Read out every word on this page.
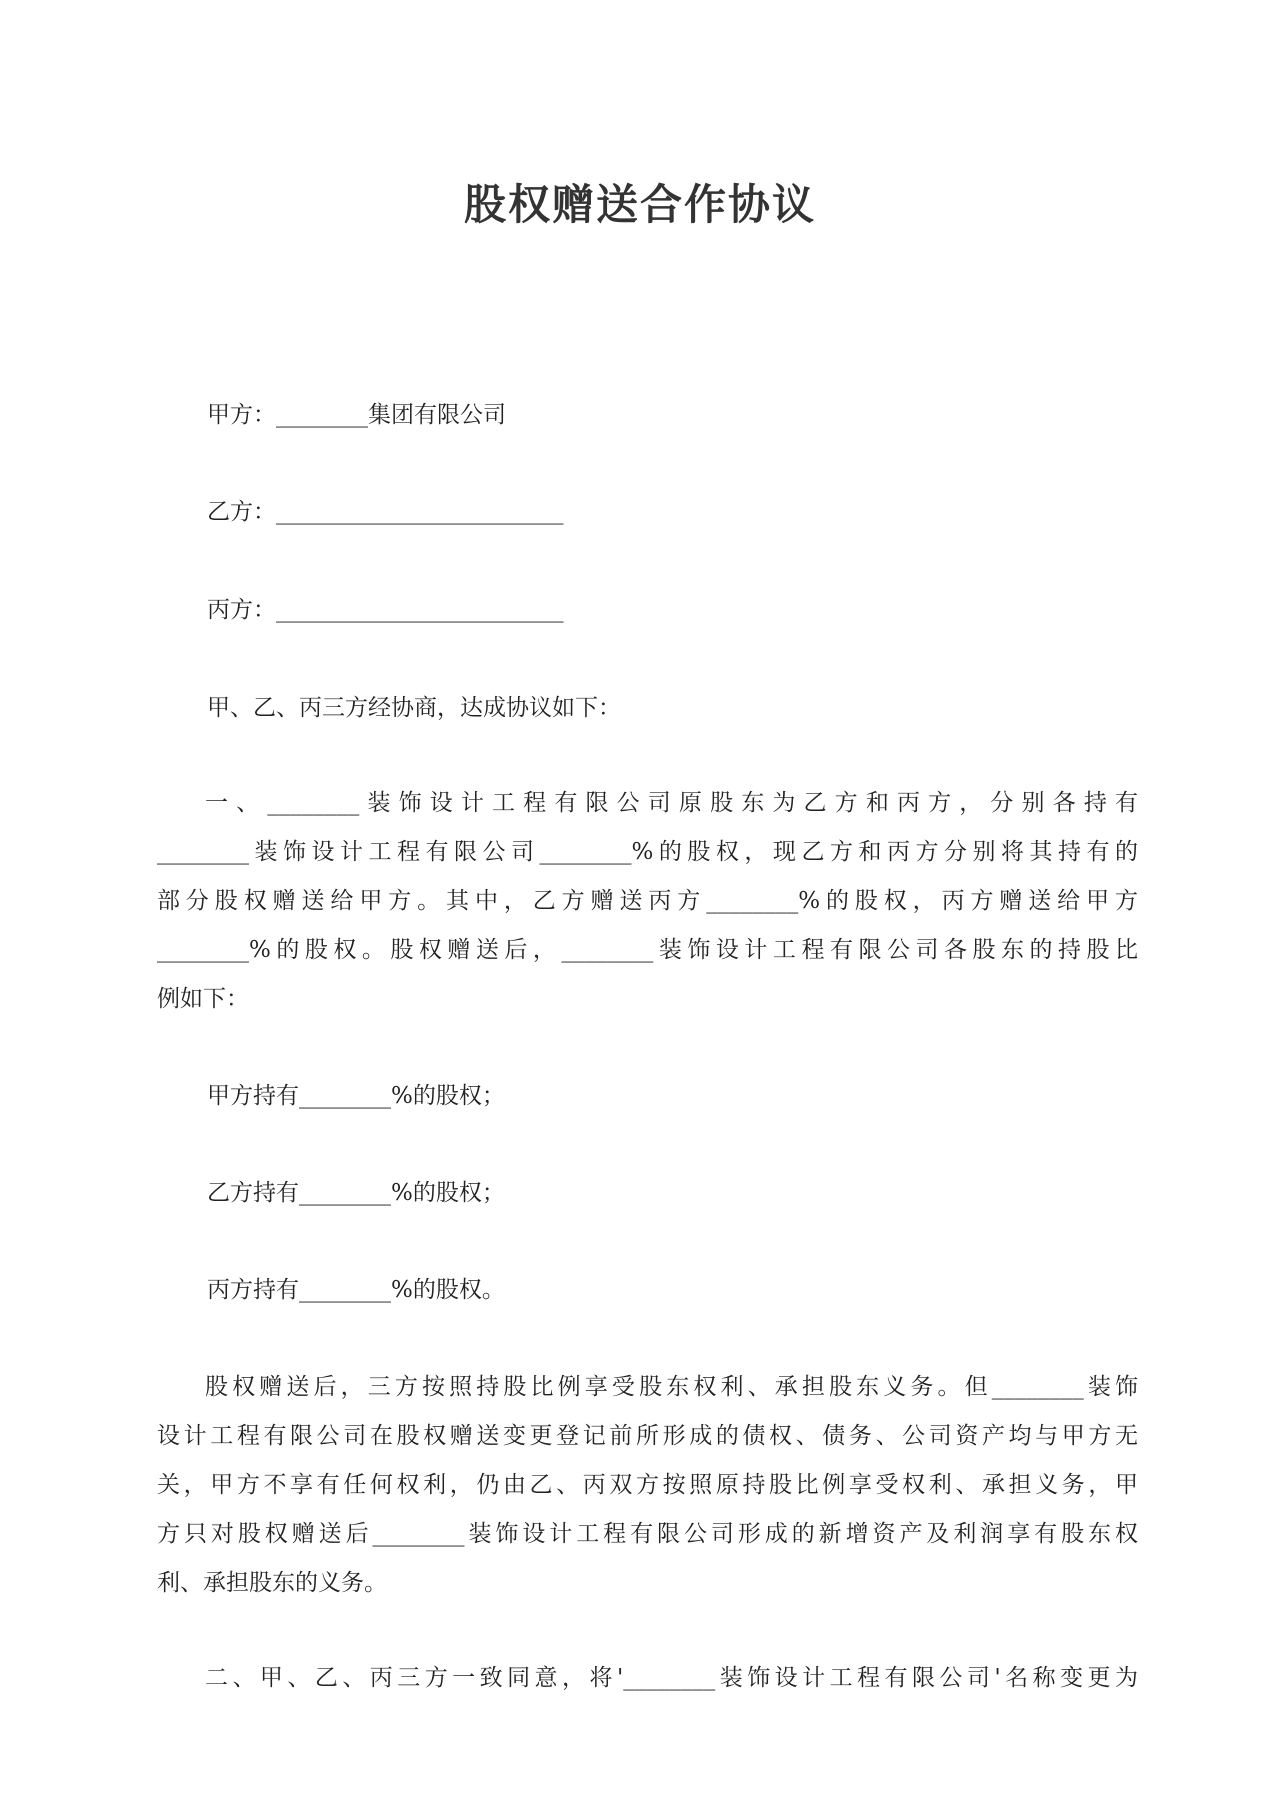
股权赠送合作协议
甲方：________集团有限公司
乙方：_________________________
丙方：_________________________
甲、乙、丙三方经协商，达成协议如下：
一、________装饰设计工程有限公司原股东为乙方和丙方，分别各持有
________装饰设计工程有限公司________%的股权，现乙方和丙方分别将其持有的
部分股权赠送给甲方。其中，乙方赠送丙方________%的股权，丙方赠送给甲方
________%的股权。股权赠送后，________装饰设计工程有限公司各股东的持股比
例如下：
甲方持有________%的股权；
乙方持有________%的股权；
丙方持有________%的股权。
股权赠送后，三方按照持股比例享受股东权利、承担股东义务。但________装饰
设计工程有限公司在股权赠送变更登记前所形成的债权、债务、公司资产均与甲方无
关，甲方不享有任何权利，仍由乙、丙双方按照原持股比例享受权利、承担义务，甲
方只对股权赠送后________装饰设计工程有限公司形成的新增资产及利润享有股东权
利、承担股东的义务。
二、甲、乙、丙三方一致同意，将'________装饰设计工程有限公司'名称变更为
